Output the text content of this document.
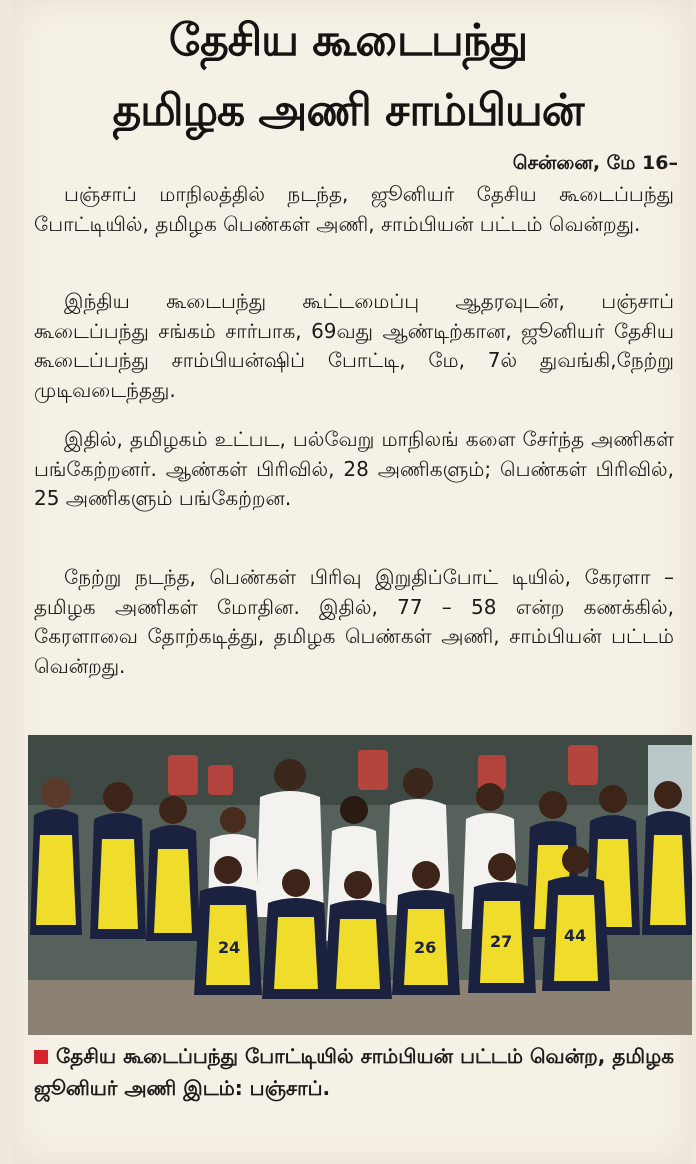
தேசிய கூடைபந்து
தமிழக அணி சாம்பியன்
சென்னை, மே 16–
பஞ்சாப் மாநிலத்தில் நடந்த, ஜூனியர் தேசிய கூடைப்பந்து போட்டியில், தமிழக பெண்கள் அணி, சாம்பியன் பட்டம் வென்றது.
இந்திய கூடைபந்து கூட்டமைப்பு ஆதரவுடன், பஞ்சாப் கூடைப்பந்து சங்கம் சார்பாக, 69வது ஆண்டிற்கான, ஜூனியர் தேசிய கூடைப்பந்து சாம்பியன்ஷிப் போட்டி, மே, 7ல் துவங்கி,நேற்று முடிவடைந்தது.
இதில், தமிழகம் உட்பட, பல்வேறு மாநிலங் களை சேர்ந்த அணிகள் பங்கேற்றனர். ஆண்கள் பிரிவில், 28 அணிகளும்; பெண்கள் பிரிவில், 25 அணிகளும் பங்கேற்றன.
நேற்று நடந்த, பெண்கள் பிரிவு இறுதிப்போட் டியில், கேரளா – தமிழக அணிகள் மோதின. இதில், 77 – 58 என்ற கணக்கில், கேரளாவை தோற்கடித்து, தமிழக பெண்கள் அணி, சாம்பியன் பட்டம் வென்றது.
24	26	27	44
தேசிய கூடைப்பந்து போட்டியில் சாம்பியன் பட்டம் வென்ற, தமிழக ஜூனியர் அணி இடம்: பஞ்சாப்.
